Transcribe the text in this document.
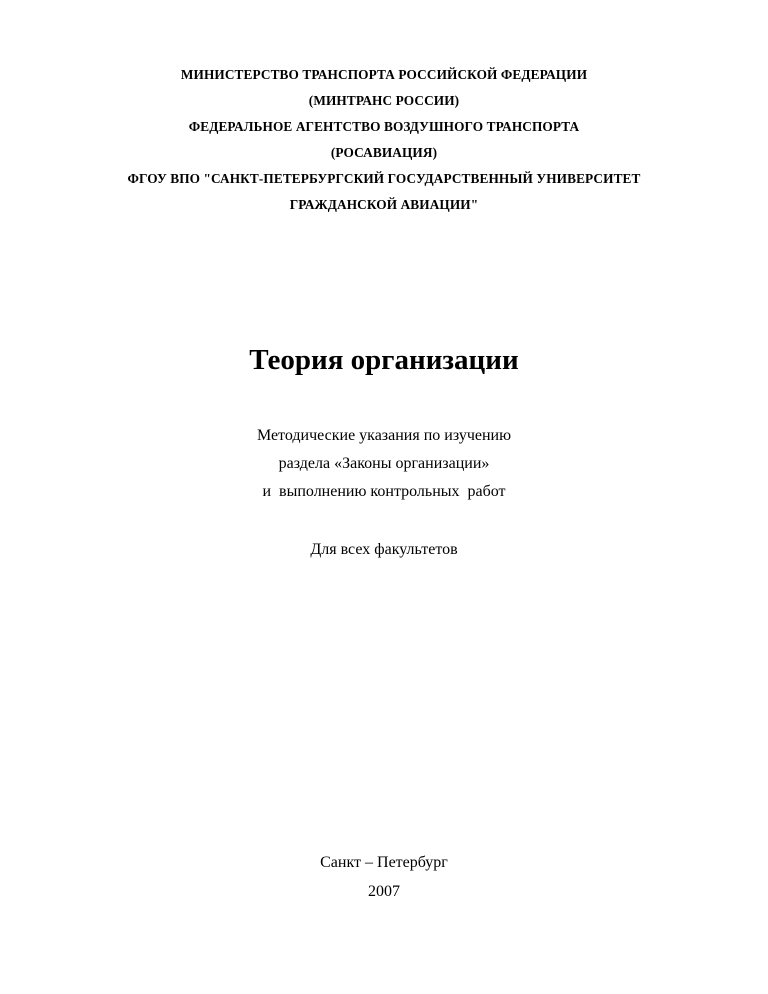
МИНИСТЕРСТВО ТРАНСПОРТА РОССИЙСКОЙ ФЕДЕРАЦИИ
(МИНТРАНС РОССИИ)
ФЕДЕРАЛЬНОЕ АГЕНТСТВО ВОЗДУШНОГО ТРАНСПОРТА
(РОСАВИАЦИЯ)
ФГОУ ВПО "САНКТ-ПЕТЕРБУРГСКИЙ ГОСУДАРСТВЕННЫЙ УНИВЕРСИТЕТ
ГРАЖДАНСКОЙ АВИАЦИИ"
Теория организации
Методические указания по изучению
раздела «Законы организации»
и  выполнению контрольных  работ
Для всех факультетов
Санкт – Петербург
2007
